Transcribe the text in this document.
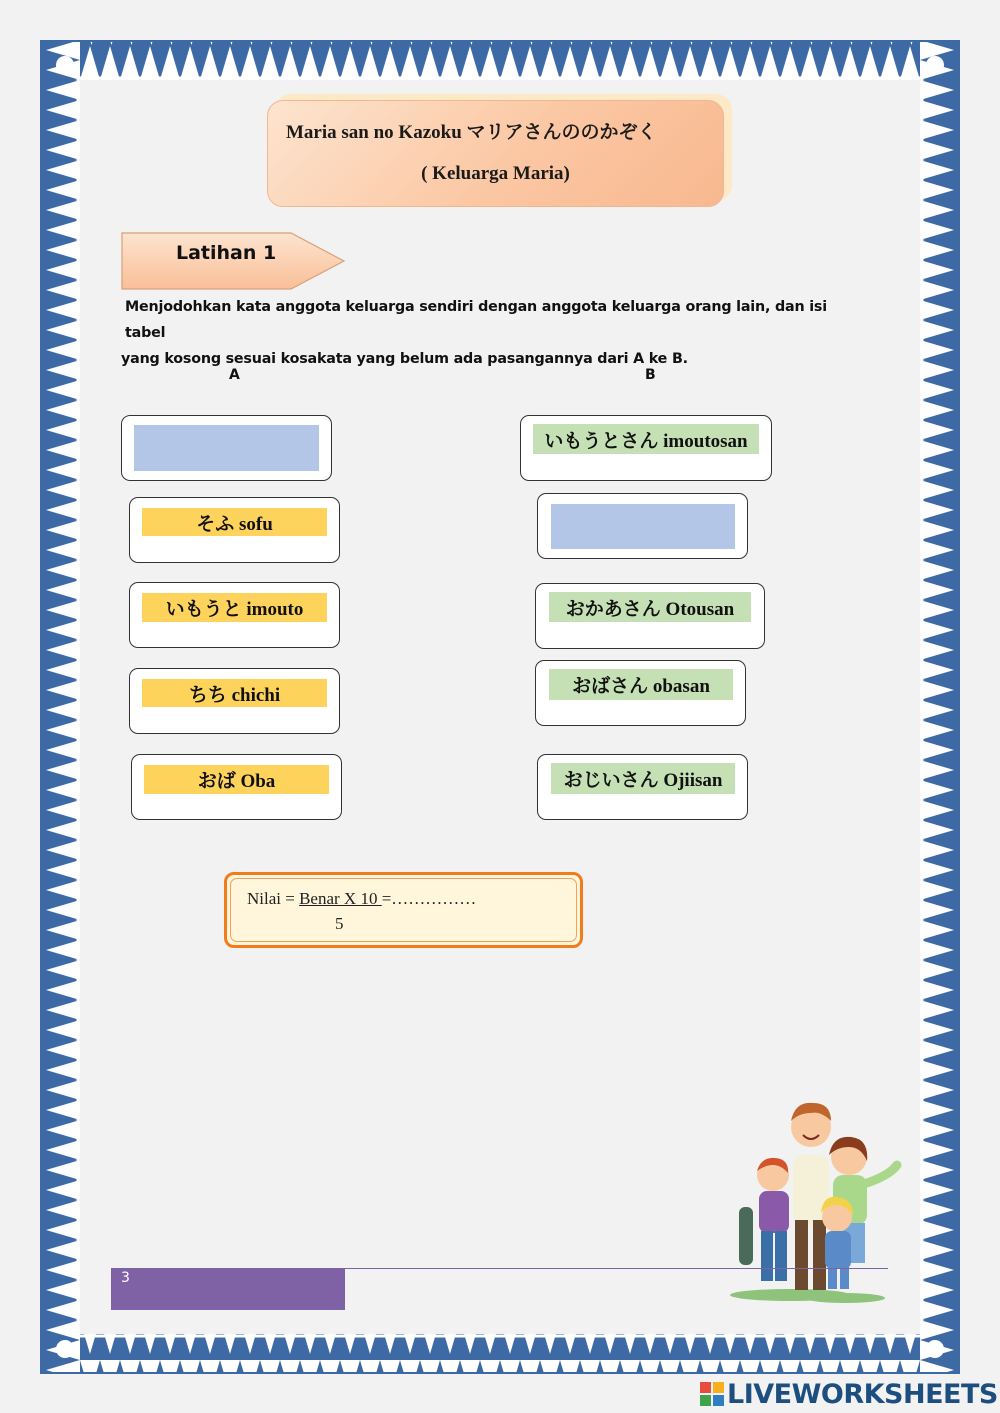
Maria san no Kazoku マリアさんののかぞく
( Keluarga Maria)
Latihan 1
Menjodohkan kata anggota keluarga sendiri dengan anggota keluarga orang lain, dan isi tabel
yang kosong sesuai kosakata yang belum ada pasangannya dari A ke B.
A	B
そふ sofu
いもうと imouto
ちち chichi
おば Oba
いもうとさん imoutosan
おかあさん Otousan
おばさん obasan
おじいさん Ojiisan
Nilai = Benar X 10 =……………
5
3
LIVEWORKSHEETS
